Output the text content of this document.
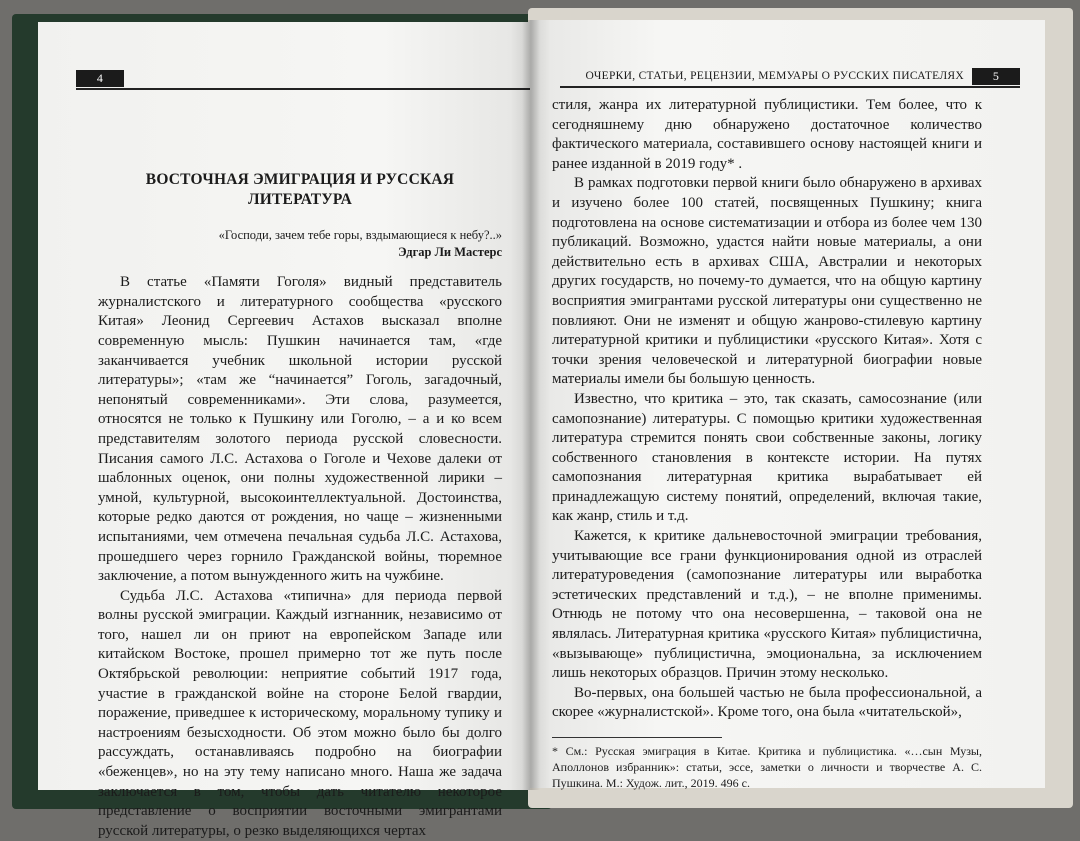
4
ВОСТОЧНАЯ ЭМИГРАЦИЯ И РУССКАЯ ЛИТЕРАТУРА
«Господи, зачем тебе горы, вздымающиеся к небу?..»
Эдгар Ли Мастерс

В статье «Памяти Гоголя» видный представитель журналистского и литературного сообщества «русского Китая» Леонид Сергеевич Астахов высказал вполне современную мысль: Пушкин начинается там, «где заканчивается учебник школьной истории русской литературы»; «там же “начинается” Гоголь, загадочный, непонятый современниками». Эти слова, разумеется, относятся не только к Пушкину или Гоголю, – а и ко всем представителям золотого периода русской словесности. Писания самого Л.С. Астахова о Гоголе и Чехове далеки от шаблонных оценок, они полны художественной лирики – умной, культурной, высокоинтеллектуальной. Достоинства, которые редко даются от рождения, но чаще – жизненными испытаниями, чем отмечена печальная судьба Л.С. Астахова, прошедшего через горнило Гражданской войны, тюремное заключение, а потом вынужденного жить на чужбине.

Судьба Л.С. Астахова «типична» для периода первой волны русской эмиграции. Каждый изгнанник, независимо от того, нашел ли он приют на европейском Западе или китайском Востоке, прошел примерно тот же путь после Октябрьской революции: неприятие событий 1917 года, участие в гражданской войне на стороне Белой гвардии, поражение, приведшее к историческому, моральному тупику и настроениям безысходности. Об этом можно было бы долго рассуждать, останавливаясь подробно на биографии «беженцев», но на эту тему написано много. Наша же задача заключается в том, чтобы дать читателю некоторое представление о восприятии восточными эмигрантами русской литературы, о резко выделяющихся чертах

ОЧЕРКИ, СТАТЬИ, РЕЦЕНЗИИ, МЕМУАРЫ О РУССКИХ ПИСАТЕЛЯХ	5

стиля, жанра их литературной публицистики. Тем более, что к сегодняшнему дню обнаружено достаточное количество фактического материала, составившего основу настоящей книги и ранее изданной в 2019 году* .

В рамках подготовки первой книги было обнаружено в архивах и изучено более 100 статей, посвященных Пушкину; книга подготовлена на основе систематизации и отбора из более чем 130 публикаций. Возможно, удастся найти новые материалы, а они действительно есть в архивах США, Австралии и некоторых других государств, но почему-то думается, что на общую картину восприятия эмигрантами русской литературы они существенно не повлияют. Они не изменят и общую жанрово-стилевую картину литературной критики и публицистики «русского Китая». Хотя с точки зрения человеческой и литературной биографии новые материалы имели бы большую ценность.

Известно, что критика – это, так сказать, самосознание (или самопознание) литературы. С помощью критики художественная литература стремится понять свои собственные законы, логику собственного становления в контексте истории. На путях самопознания литературная критика вырабатывает ей принадлежащую систему понятий, определений, включая такие, как жанр, стиль и т.д.

Кажется, к критике дальневосточной эмиграции требования, учитывающие все грани функционирования одной из отраслей литературоведения (самопознание литературы или выработка эстетических представлений и т.д.), – не вполне применимы. Отнюдь не потому что она несовершенна, – таковой она не являлась. Литературная критика «русского Китая» публицистична, «вызывающе» публицистична, эмоциональна, за исключением лишь некоторых образцов. Причин этому несколько.

Во-первых, она большей частью не была профессиональной, а скорее «журналистской». Кроме того, она была «читательской»,

* См.: Русская эмиграция в Китае. Критика и публицистика. «…сын Музы, Аполлонов избранник»: статьи, эссе, заметки о личности и творчестве А. С. Пушкина. М.: Худож. лит., 2019. 496 с.
